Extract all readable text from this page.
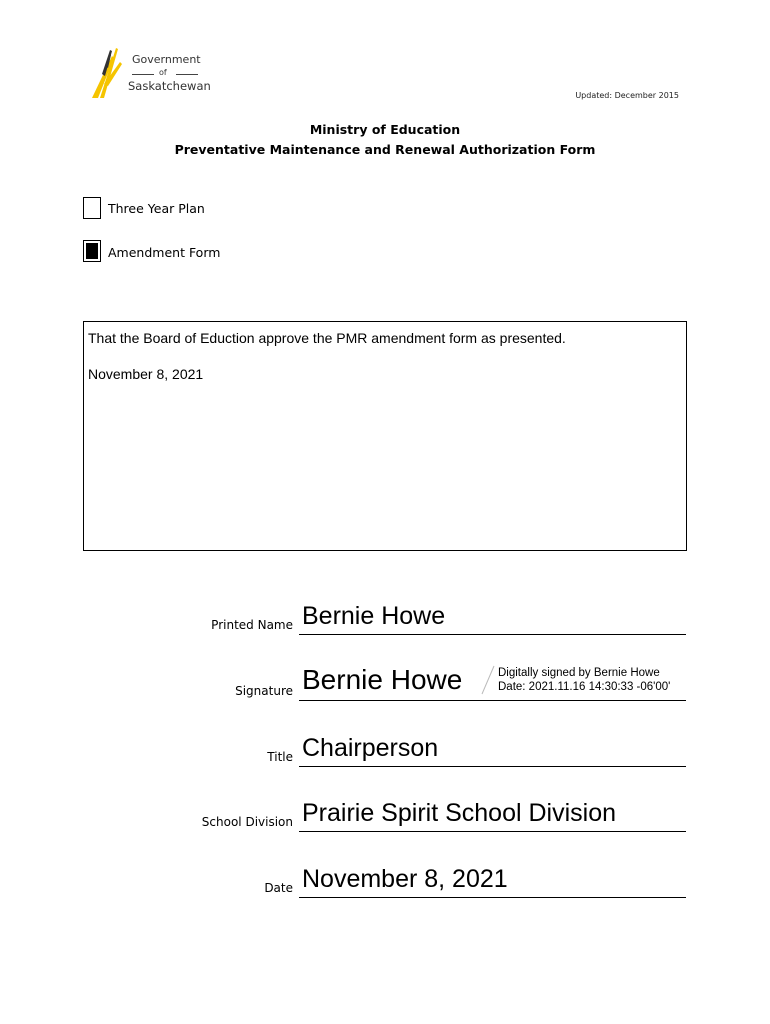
Government
of
Saskatchewan
Updated: December 2015
Ministry of Education
Preventative Maintenance and Renewal Authorization Form
Three Year Plan
Amendment Form
That the Board of Eduction approve the PMR amendment form as presented.
November 8, 2021
Printed Name Bernie Howe
Signature Bernie Howe	Digitally signed by Bernie Howe
Date: 2021.11.16 14:30:33 -06'00'
Title Chairperson
School Division Prairie Spirit School Division
Date November 8, 2021
